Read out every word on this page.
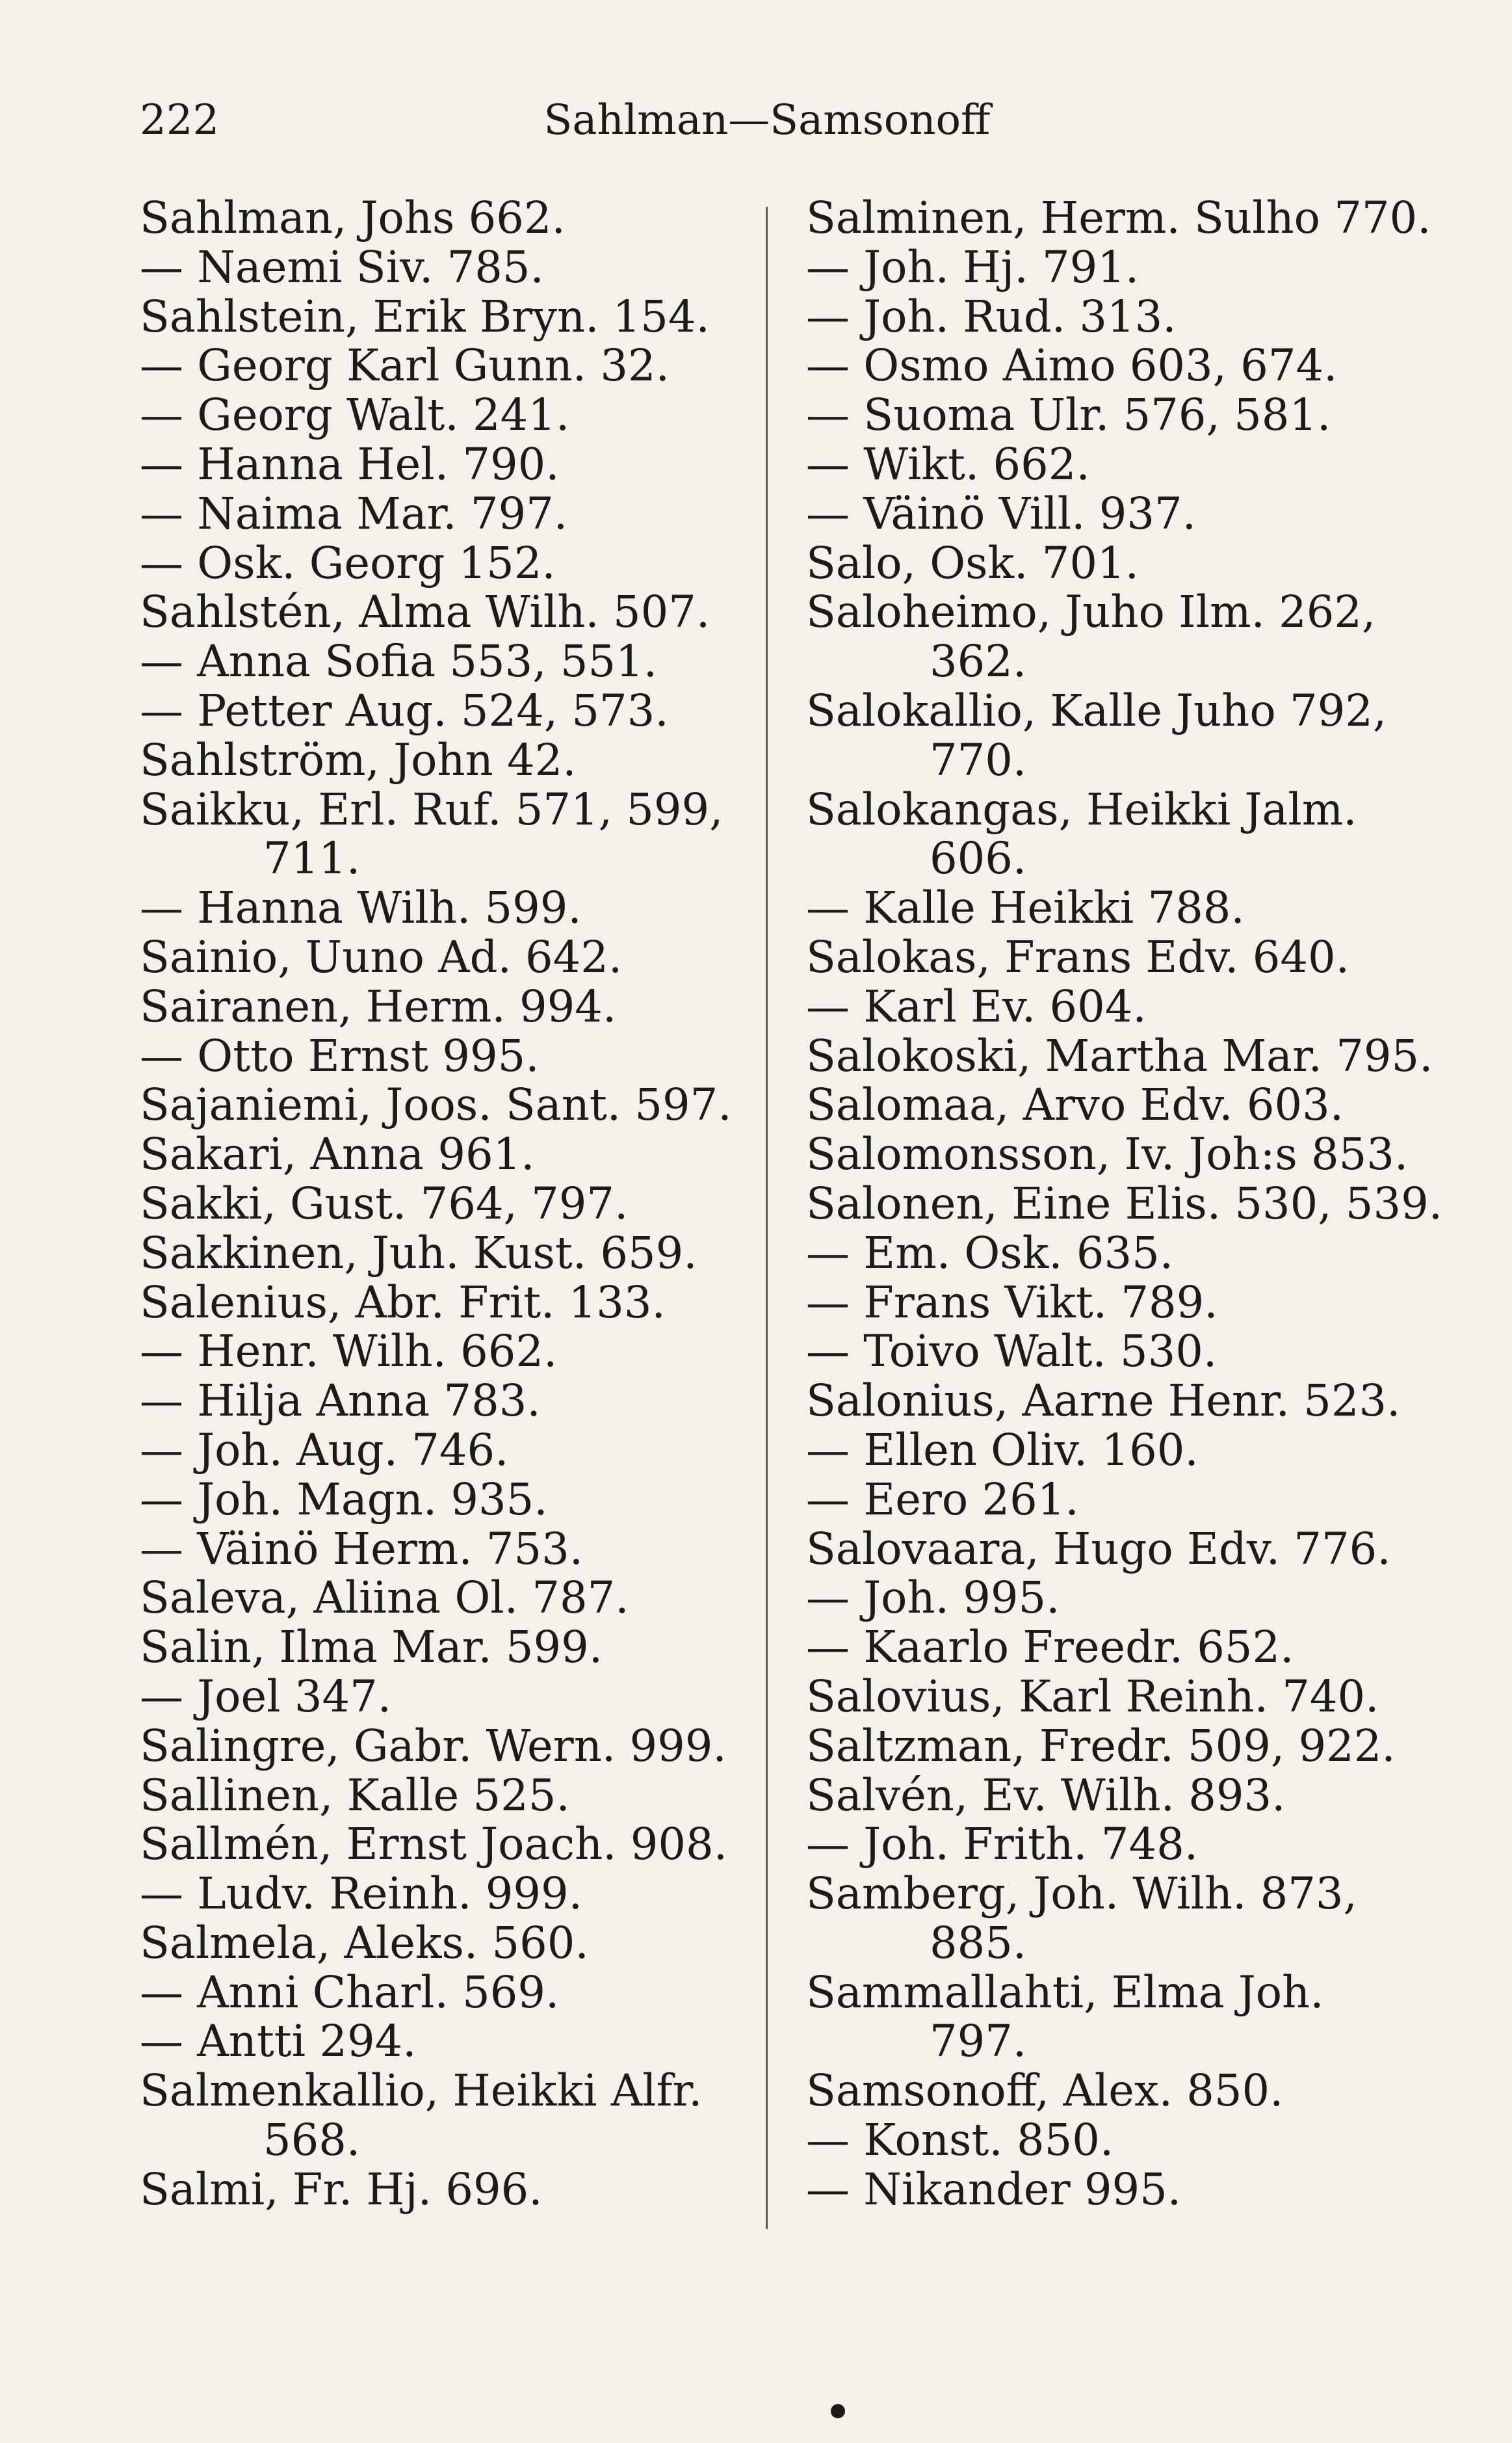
222	Sahlman—Samsonoff
Sahlman, Johs 662.
— Naemi Siv. 785.
Sahlstein, Erik Bryn. 154.
— Georg Karl Gunn. 32.
— Georg Walt. 241.
— Hanna Hel. 790.
— Naima Mar. 797.
— Osk. Georg 152.
Sahlstén, Alma Wilh. 507.
— Anna Sofia 553, 551.
— Petter Aug. 524, 573.
Sahlström, John 42.
Saikku, Erl. Ruf. 571, 599,
711.
— Hanna Wilh. 599.
Sainio, Uuno Ad. 642.
Sairanen, Herm. 994.
— Otto Ernst 995.
Sajaniemi, Joos. Sant. 597.
Sakari, Anna 961.
Sakki, Gust. 764, 797.
Sakkinen, Juh. Kust. 659.
Salenius, Abr. Frit. 133.
— Henr. Wilh. 662.
— Hilja Anna 783.
— Joh. Aug. 746.
— Joh. Magn. 935.
— Väinö Herm. 753.
Saleva, Aliina Ol. 787.
Salin, Ilma Mar. 599.
— Joel 347.
Salingre, Gabr. Wern. 999.
Sallinen, Kalle 525.
Sallmén, Ernst Joach. 908.
— Ludv. Reinh. 999.
Salmela, Aleks. 560.
— Anni Charl. 569.
— Antti 294.
Salmenkallio, Heikki Alfr.
568.
Salmi, Fr. Hj. 696.
Salminen, Herm. Sulho 770.
— Joh. Hj. 791.
— Joh. Rud. 313.
— Osmo Aimo 603, 674.
— Suoma Ulr. 576, 581.
— Wikt. 662.
— Väinö Vill. 937.
Salo, Osk. 701.
Saloheimo, Juho Ilm. 262,
362.
Salokallio, Kalle Juho 792,
770.
Salokangas, Heikki Jalm.
606.
— Kalle Heikki 788.
Salokas, Frans Edv. 640.
— Karl Ev. 604.
Salokoski, Martha Mar. 795.
Salomaa, Arvo Edv. 603.
Salomonsson, Iv. Joh:s 853.
Salonen, Eine Elis. 530, 539.
— Em. Osk. 635.
— Frans Vikt. 789.
— Toivo Walt. 530.
Salonius, Aarne Henr. 523.
— Ellen Oliv. 160.
— Eero 261.
Salovaara, Hugo Edv. 776.
— Joh. 995.
— Kaarlo Freedr. 652.
Salovius, Karl Reinh. 740.
Saltzman, Fredr. 509, 922.
Salvén, Ev. Wilh. 893.
— Joh. Frith. 748.
Samberg, Joh. Wilh. 873,
885.
Sammallahti, Elma Joh.
797.
Samsonoff, Alex. 850.
— Konst. 850.
— Nikander 995.
